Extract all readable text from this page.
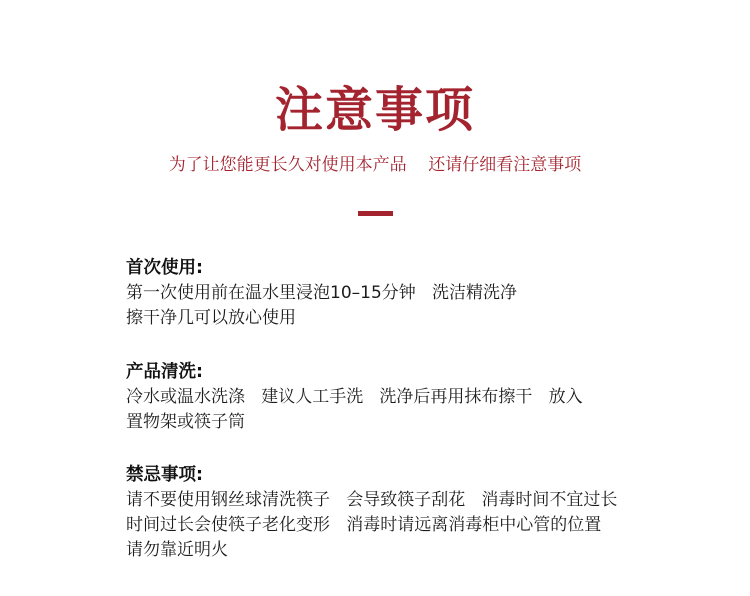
注意事项
为了让您能更长久对使用本产品    还请仔细看注意事项
首次使用:
第一次使用前在温水里浸泡10–15分钟   洗洁精洗净
擦干净几可以放心使用
产品清洗:
冷水或温水洗涤   建议人工手洗   洗净后再用抹布擦干   放入
置物架或筷子筒
禁忌事项:
请不要使用钢丝球清洗筷子   会导致筷子刮花   消毒时间不宜过长
时间过长会使筷子老化变形   消毒时请远离消毒柜中心管的位置
请勿靠近明火
